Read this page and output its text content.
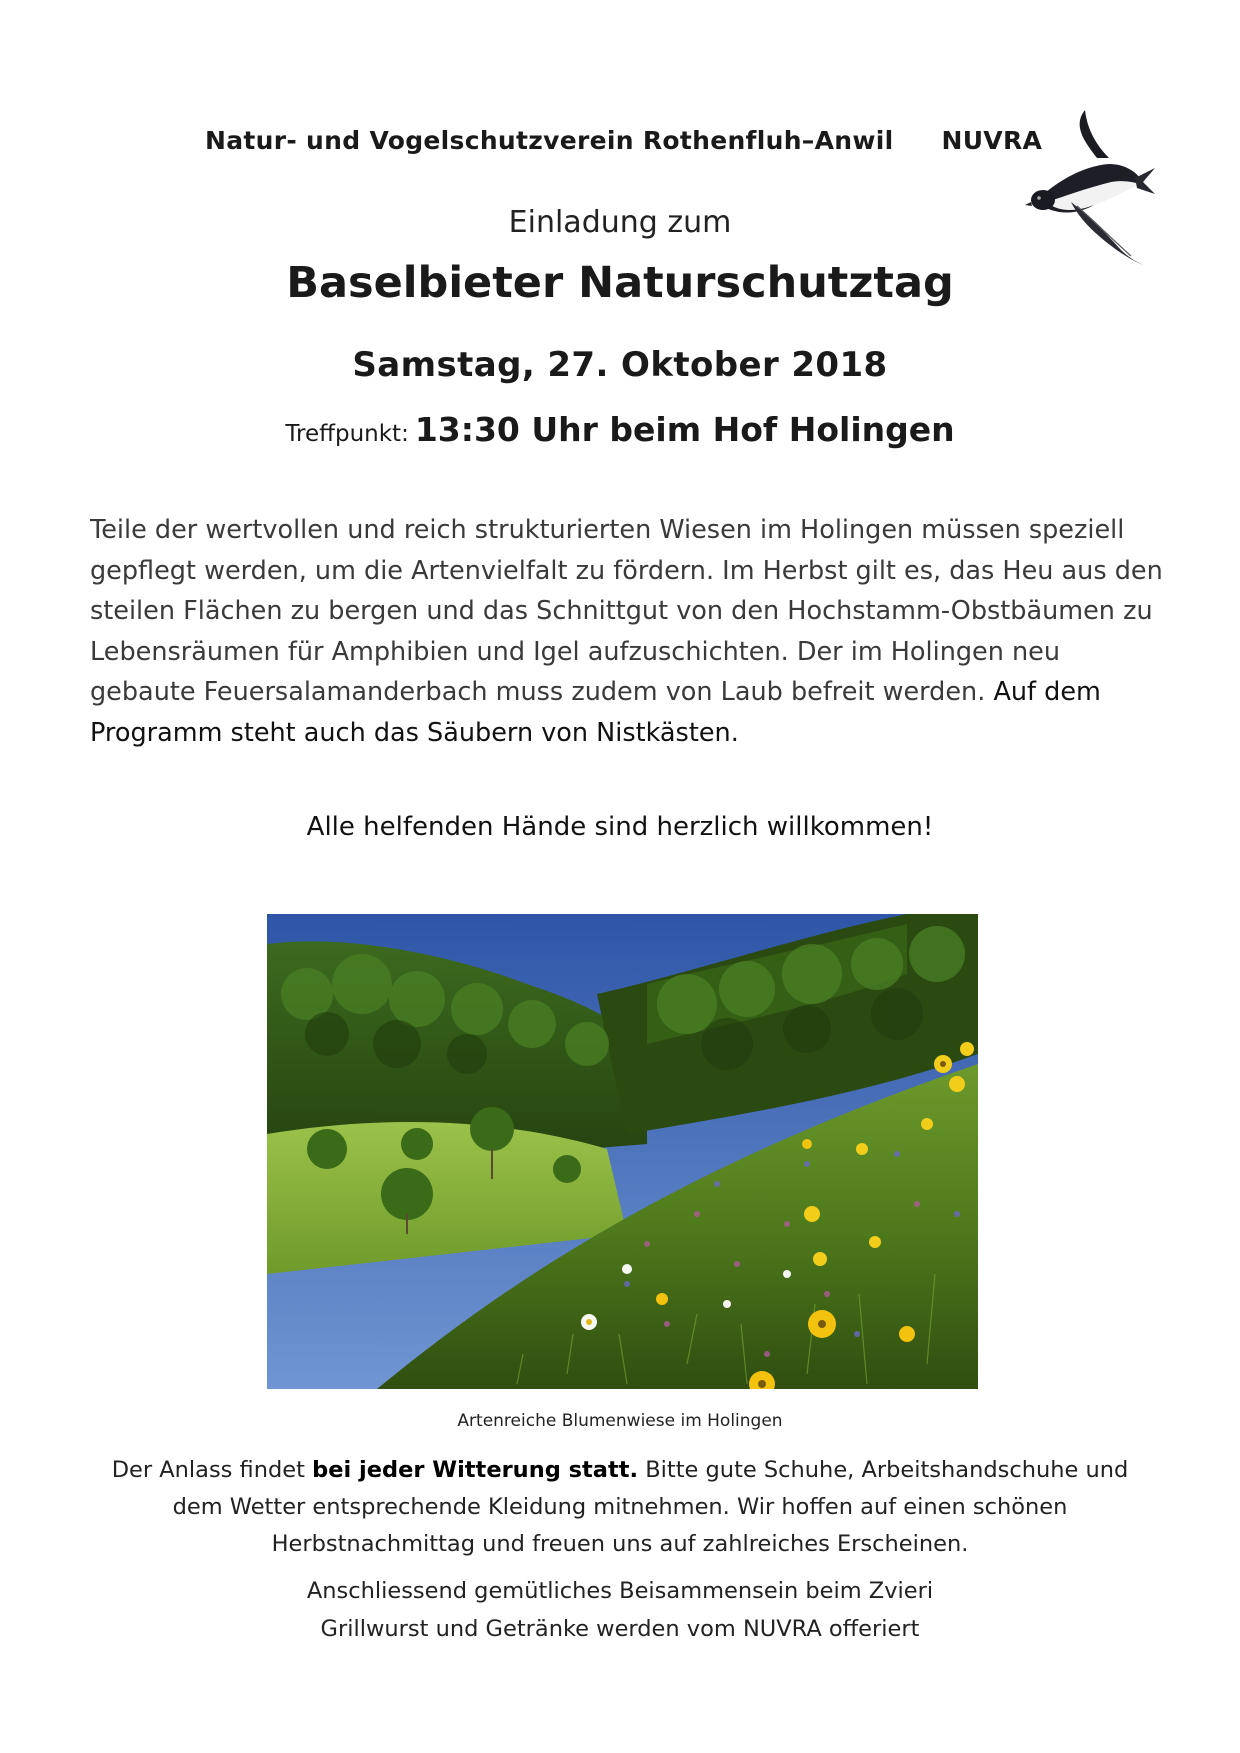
Natur- und Vogelschutzverein Rothenfluh–Anwil NUVRA
Einladung zum
Baselbieter Naturschutztag
Samstag, 27. Oktober 2018
Treffpunkt: 13:30 Uhr beim Hof Holingen

Teile der wertvollen und reich strukturierten Wiesen im Holingen müssen speziell gepflegt werden, um die Artenvielfalt zu fördern. Im Herbst gilt es, das Heu aus den steilen Flächen zu bergen und das Schnittgut von den Hochstamm-Obstbäumen zu Lebensräumen für Amphibien und Igel aufzuschichten. Der im Holingen neu gebaute Feuersalamanderbach muss zudem von Laub befreit werden. Auf dem Programm steht auch das Säubern von Nistkästen.

Alle helfenden Hände sind herzlich willkommen!
Artenreiche Blumenwiese im Holingen

Der Anlass findet bei jeder Witterung statt. Bitte gute Schuhe, Arbeitshandschuhe und
dem Wetter entsprechende Kleidung mitnehmen. Wir hoffen auf einen schönen
Herbstnachmittag und freuen uns auf zahlreiches Erscheinen.

Anschliessend gemütliches Beisammensein beim Zvieri
Grillwurst und Getränke werden vom NUVRA offeriert
